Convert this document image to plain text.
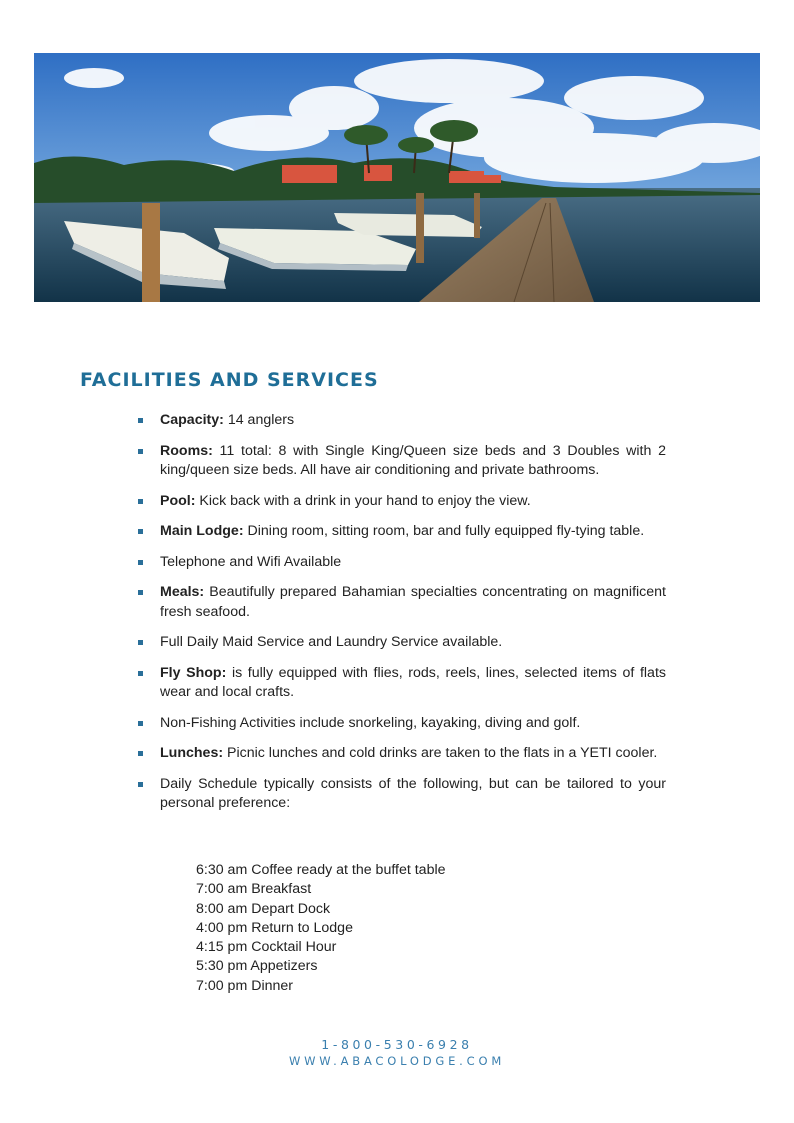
FACILITIES AND SERVICES
Capacity: 14 anglers
Rooms: 11 total: 8 with Single King/Queen size beds and 3 Doubles with 2 king/queen size beds. All have air conditioning and private bathrooms.
Pool: Kick back with a drink in your hand to enjoy the view.
Main Lodge: Dining room, sitting room, bar and fully equipped fly-tying table.
Telephone and Wifi Available
Meals: Beautifully prepared Bahamian specialties concentrating on magnificent fresh seafood.
Full Daily Maid Service and Laundry Service available.
Fly Shop: is fully equipped with flies, rods, reels, lines, selected items of flats wear and local crafts.
Non-Fishing Activities include snorkeling, kayaking, diving and golf.
Lunches: Picnic lunches and cold drinks are taken to the flats in a YETI cooler.
Daily Schedule typically consists of the following, but can be tailored to your personal preference:
6:30 am Coffee ready at the buffet table
7:00 am Breakfast
8:00 am Depart Dock
4:00 pm Return to Lodge
4:15 pm Cocktail Hour
5:30 pm Appetizers
7:00 pm Dinner
1-800-530-6928
WWW.ABACOLODGE.COM
